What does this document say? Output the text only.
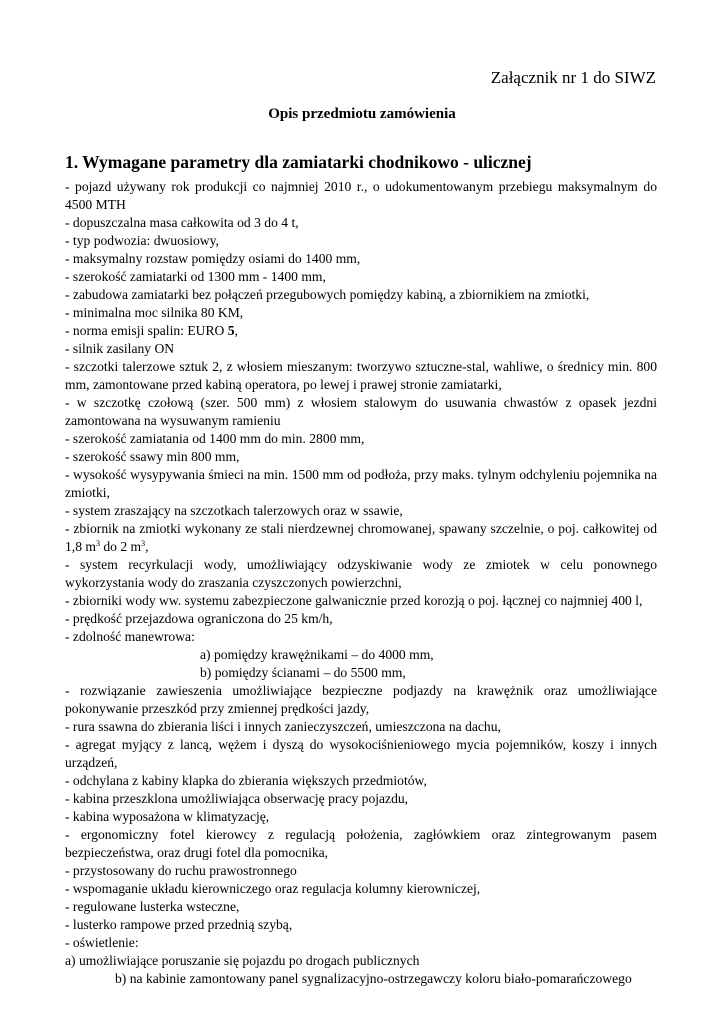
Załącznik nr 1 do SIWZ
Opis przedmiotu zamówienia
1. Wymagane parametry dla zamiatarki chodnikowo - ulicznej

- pojazd używany rok produkcji co najmniej 2010 r., o udokumentowanym przebiegu maksymalnym do 4500 MTH

- dopuszczalna masa całkowita od 3 do 4 t,

- typ podwozia: dwuosiowy,

- maksymalny rozstaw pomiędzy osiami do 1400 mm,

- szerokość zamiatarki od 1300 mm - 1400 mm,

- zabudowa zamiatarki bez połączeń przegubowych pomiędzy kabiną, a zbiornikiem na zmiotki,

- minimalna moc silnika 80 KM,

- norma emisji spalin: EURO 5,

- silnik zasilany ON

- szczotki talerzowe sztuk 2, z włosiem mieszanym: tworzywo sztuczne-stal, wahliwe, o średnicy min. 800 mm, zamontowane przed kabiną operatora, po lewej i prawej stronie zamiatarki,

- w szczotkę czołową (szer. 500 mm) z włosiem stalowym do usuwania chwastów z opasek jezdni zamontowana na wysuwanym ramieniu

- szerokość zamiatania od 1400 mm do min. 2800 mm,

- szerokość ssawy min 800 mm,

- wysokość wysypywania śmieci na min. 1500 mm od podłoża, przy maks. tylnym odchyleniu pojemnika na zmiotki,

- system zraszający na szczotkach talerzowych oraz w ssawie,

- zbiornik na zmiotki wykonany ze stali nierdzewnej chromowanej, spawany szczelnie, o poj. całkowitej od 1,8 $m^3$ do 2 $m^3$,

- system recyrkulacji wody, umożliwiający odzyskiwanie wody ze zmiotek w celu ponownego wykorzystania wody do zraszania czyszczonych powierzchni,

- zbiorniki wody ww. systemu zabezpieczone galwanicznie przed korozją o poj. łącznej co najmniej 400 l,

- prędkość przejazdowa ograniczona do 25 km/h,

- zdolność manewrowa:

a) pomiędzy krawężnikami – do 4000 mm,

b) pomiędzy ścianami – do 5500 mm,

- rozwiązanie zawieszenia umożliwiające bezpieczne podjazdy na krawężnik oraz umożliwiające pokonywanie przeszkód przy zmiennej prędkości jazdy,

- rura ssawna do zbierania liści i innych zanieczyszczeń, umieszczona na dachu,

- agregat myjący z lancą, wężem i dyszą do wysokociśnieniowego mycia pojemników, koszy i innych urządzeń,

- odchylana z kabiny klapka do zbierania większych przedmiotów,

- kabina przeszklona umożliwiająca obserwację pracy pojazdu,

- kabina wyposażona w klimatyzację,

- ergonomiczny fotel kierowcy z regulacją położenia, zagłówkiem oraz zintegrowanym pasem bezpieczeństwa, oraz drugi fotel dla pomocnika,

- przystosowany do ruchu prawostronnego

- wspomaganie układu kierowniczego oraz regulacja kolumny kierowniczej,

- regulowane lusterka wsteczne,

- lusterko rampowe przed przednią szybą,

- oświetlenie:

a) umożliwiające poruszanie się pojazdu po drogach publicznych

b) na kabinie zamontowany panel sygnalizacyjno-ostrzegawczy koloru biało-pomarańczowego
